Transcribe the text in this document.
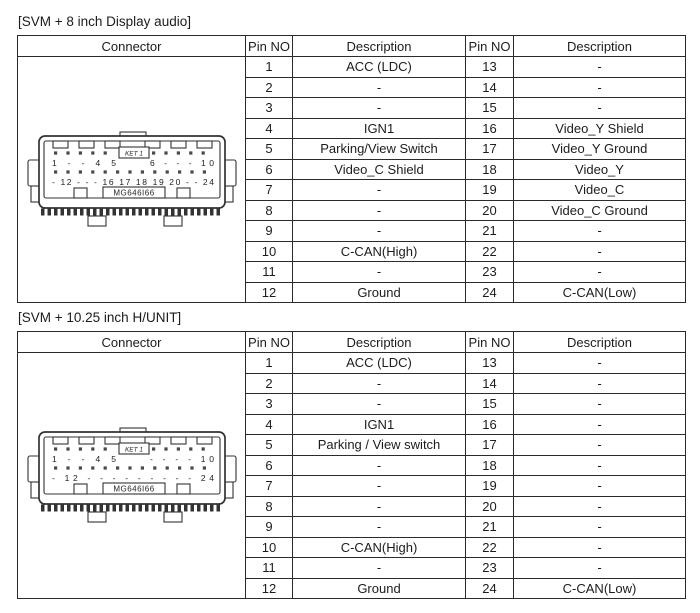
[SVM + 8 inch Display audio]
Connector
KET 1
1 - - 4 5	6 - - - 10
- 12 - - - 16 17 18 19 20 - - 24
MG646I66
Pin NO	Description	Pin NO	Description
1	ACC (LDC)	13	-
2	-	14	-
3	-	15	-
4	IGN1	16	Video_Y Shield
5	Parking/View Switch	17	Video_Y Ground
6	Video_C Shield	18	Video_Y
7	-	19	Video_C
8	-	20	Video_C Ground
9	-	21	-
10	C-CAN(High)	22	-
11	-	23	-
12	Ground	24	C-CAN(Low)
[SVM + 10.25 inch H/UNIT]
Connector
KET 1
1 - - 4 5	- - - - 10
- 12 - - - - - - - - - 24
MG646I66
Pin NO	Description	Pin NO	Description
1	ACC (LDC)	13	-
2	-	14	-
3	-	15	-
4	IGN1	16	-
5	Parking / View switch	17	-
6	-	18	-
7	-	19	-
8	-	20	-
9	-	21	-
10	C-CAN(High)	22	-
11	-	23	-
12	Ground	24	C-CAN(Low)
